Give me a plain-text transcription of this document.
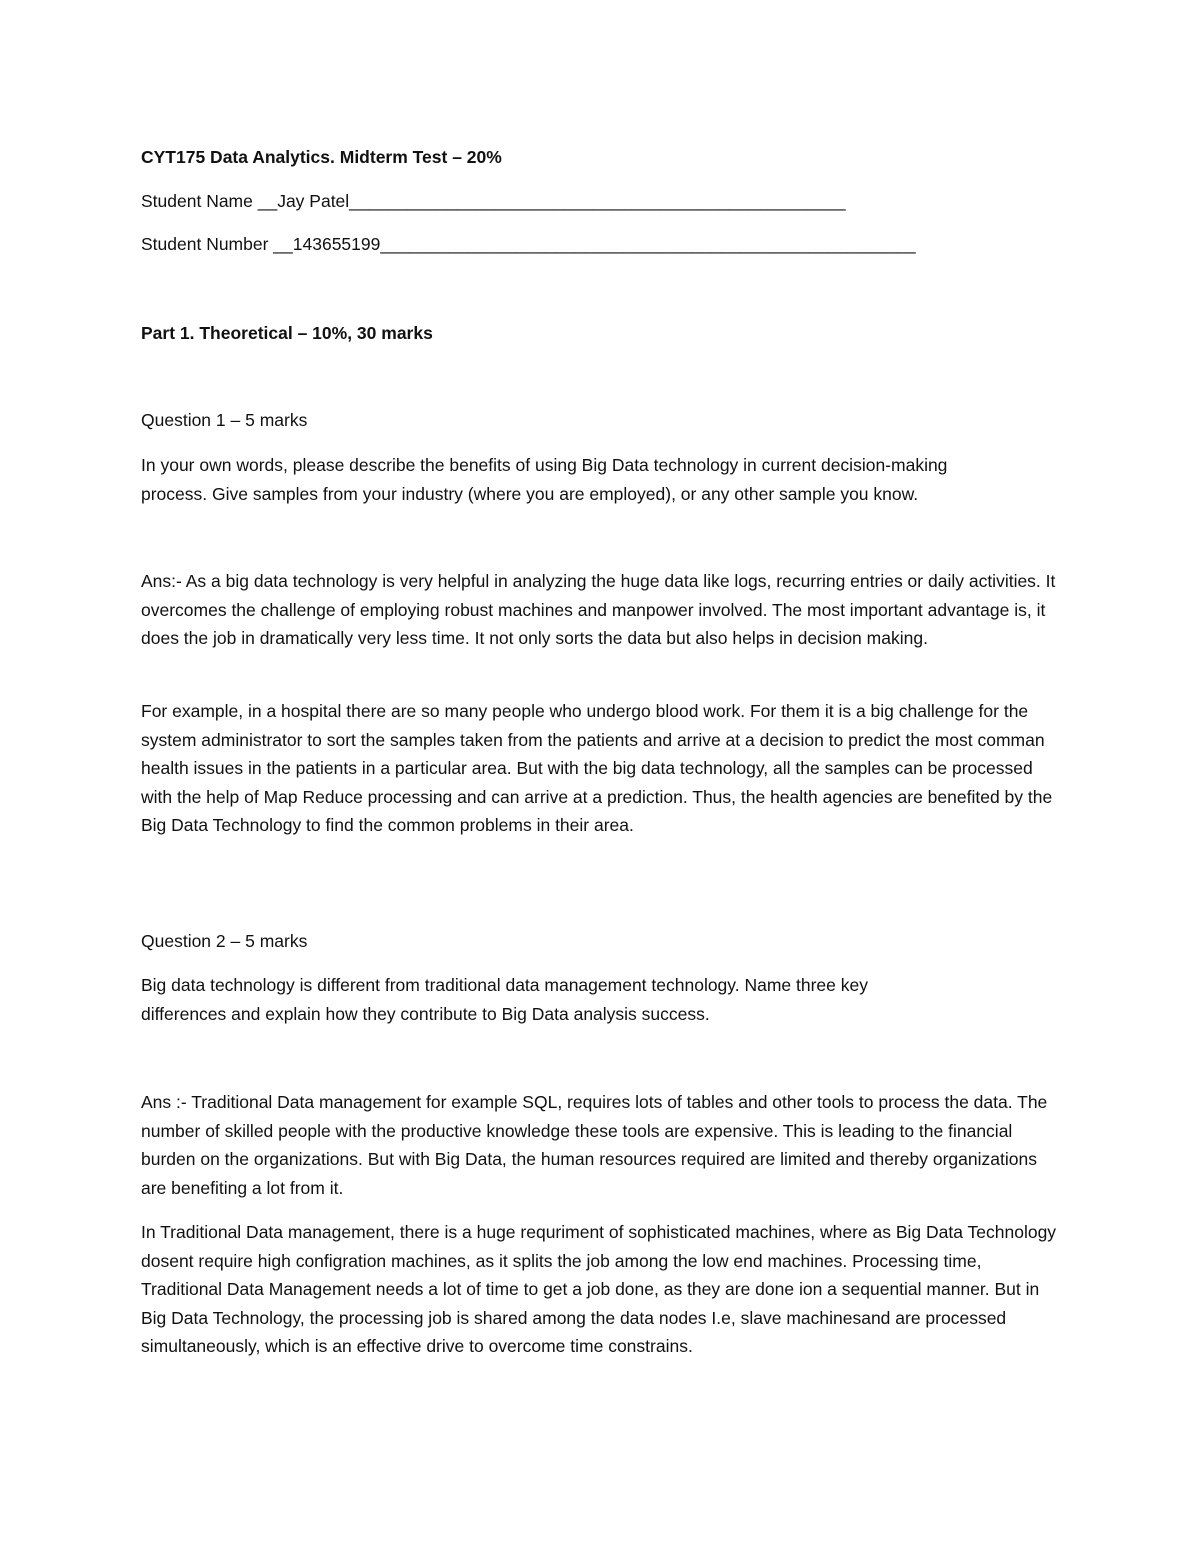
CYT175 Data Analytics. Midterm Test – 20%
Student Name __Jay Patel___________________________________________________
Student Number __143655199_______________________________________________________
Part 1. Theoretical – 10%, 30 marks
Question 1 – 5 marks
In your own words, please describe the benefits of using Big Data technology in current decision-making
process. Give samples from your industry (where you are employed), or any other sample you know.
Ans:- As a big data technology is very helpful in analyzing the huge data like logs, recurring entries or daily activities. It overcomes the challenge of employing robust machines and manpower involved. The most important advantage is, it does the job in dramatically very less time. It not only sorts the data but also helps in decision making.
For example, in a hospital there are so many people who undergo blood work. For them it is a big challenge for the system administrator to sort the samples taken from the patients and arrive at a decision to predict the most comman health issues in the patients in a particular area. But with the big data technology, all the samples can be processed with the help of Map Reduce processing and can arrive at a prediction. Thus, the health agencies are benefited by the Big Data Technology to find the common problems in their area.
Question 2 – 5 marks
Big data technology is different from traditional data management technology. Name three key
differences and explain how they contribute to Big Data analysis success.
Ans :- Traditional Data management for example SQL, requires lots of tables and other tools to process the data. The number of skilled people with the productive knowledge these tools are expensive. This is leading to the financial burden on the organizations. But with Big Data, the human resources required are limited and thereby organizations are benefiting a lot from it.
In Traditional Data management, there is a huge requriment of sophisticated machines, where as Big Data Technology dosent require high configration machines, as it splits the job among the low end machines. Processing time, Traditional Data Management needs a lot of time to get a job done, as they are done ion a sequential manner. But in Big Data Technology, the processing job is shared among the data nodes I.e, slave machinesand are processed simultaneously, which is an effective drive to overcome time constrains.
